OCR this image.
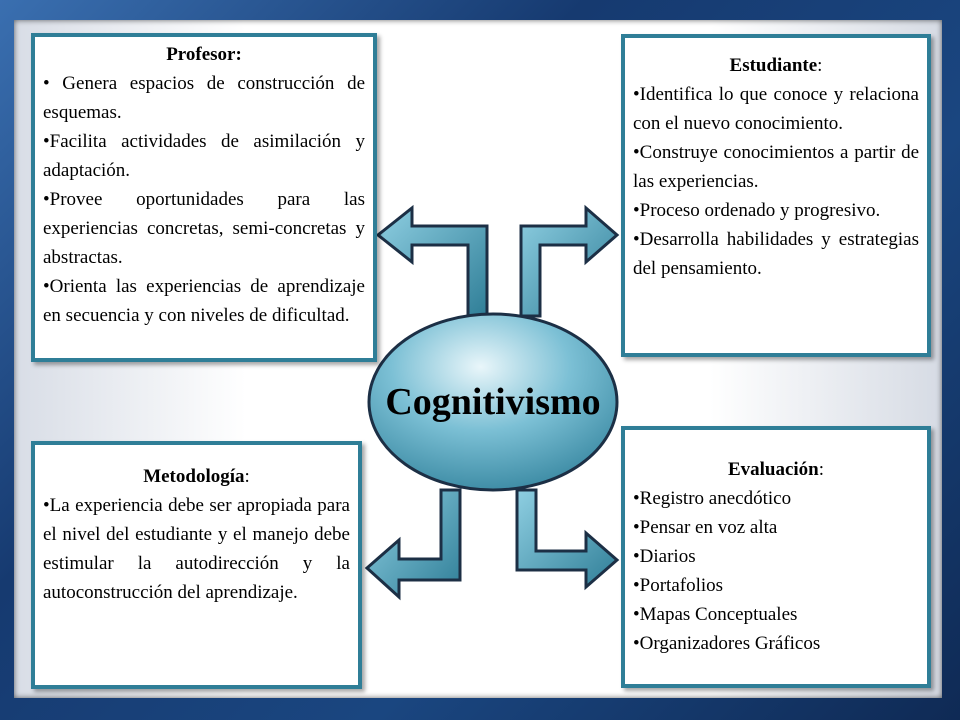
Cognitivismo
Profesor:
• Genera espacios de construcción de esquemas.
•Facilita actividades de asimilación y adaptación.
•Provee oportunidades para las experiencias concretas, semi-concretas y abstractas.
•Orienta las experiencias de aprendizaje en secuencia y con niveles de dificultad.
Estudiante:
•Identifica lo que conoce y relaciona con el nuevo conocimiento.
•Construye conocimientos a partir de las experiencias.
•Proceso ordenado y progresivo.
•Desarrolla habilidades y estrategias del pensamiento.
Metodología:
•La experiencia debe ser apropiada para el nivel del estudiante y el manejo debe estimular la autodirección y la autoconstrucción del aprendizaje.
Evaluación:
•Registro anecdótico
•Pensar en voz alta
•Diarios
•Portafolios
•Mapas Conceptuales
•Organizadores Gráficos
